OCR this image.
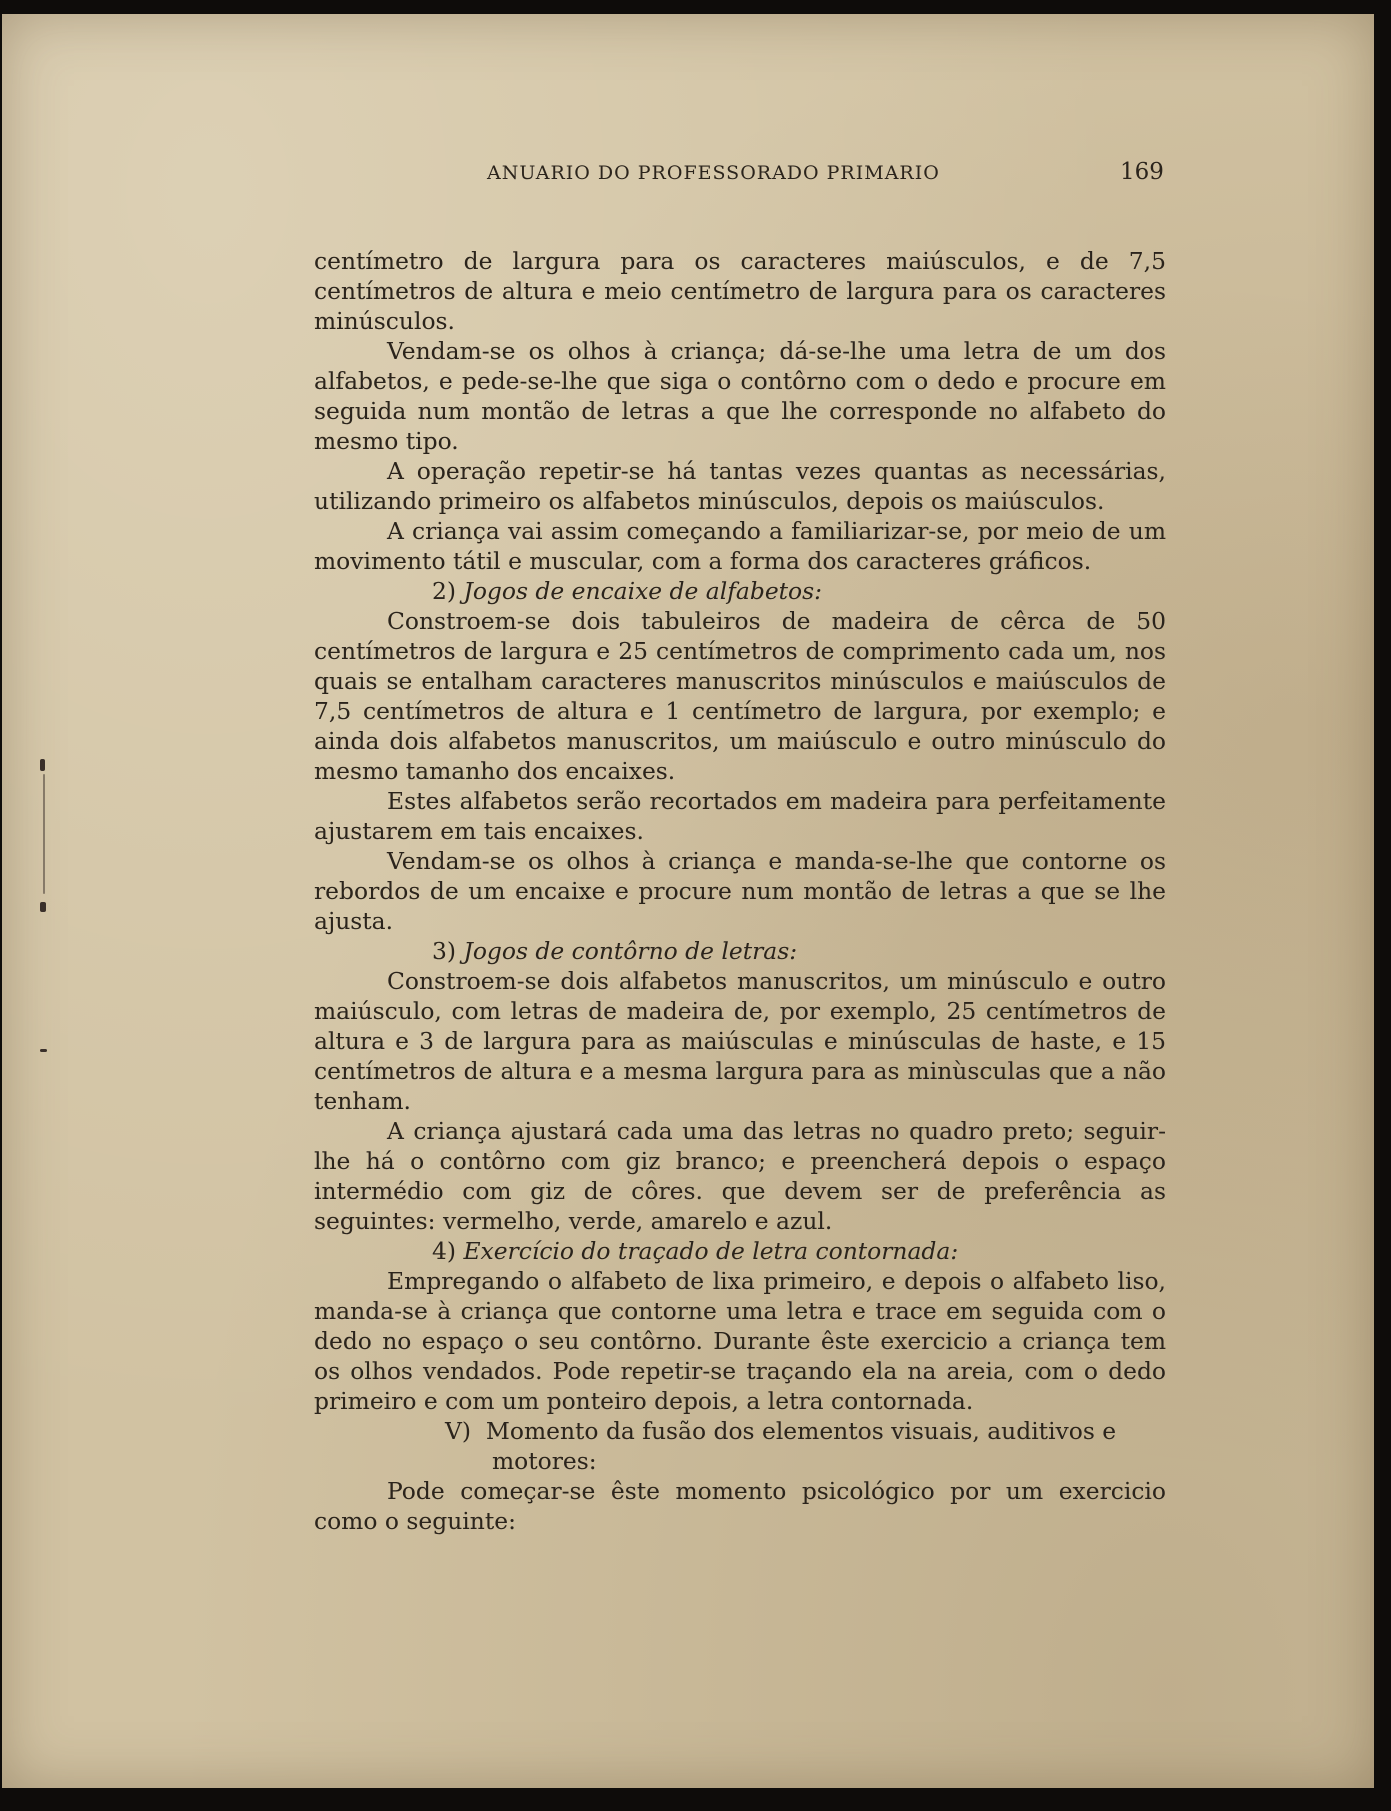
ANUARIO DO PROFESSORADO PRIMARIO	169

centímetro de largura para os caracteres maiúsculos, e de 7,5 centímetros de altura e meio centímetro de largura para os caracteres minúsculos.

Vendam-se os olhos à criança; dá-se-lhe uma letra de um dos alfabetos, e pede-se-lhe que siga o contôrno com o dedo e procure em seguida num montão de letras a que lhe corresponde no alfabeto do mesmo tipo.

A operação repetir-se há tantas vezes quantas as necessárias, utilizando primeiro os alfabetos minúsculos, depois os maiúsculos.

A criança vai assim começando a familiarizar-se, por meio de um movimento tátil e muscular, com a forma dos caracteres gráficos.

2) Jogos de encaixe de alfabetos:

Constroem-se dois tabuleiros de madeira de cêrca de 50 centímetros de largura e 25 centímetros de comprimento cada um, nos quais se entalham caracteres manuscritos minúsculos e maiúsculos de 7,5 centímetros de altura e 1 centímetro de largura, por exemplo; e ainda dois alfabetos manuscritos, um maiúsculo e outro minúsculo do mesmo tamanho dos encaixes.

Estes alfabetos serão recortados em madeira para perfeitamente ajustarem em tais encaixes.

Vendam-se os olhos à criança e manda-se-lhe que contorne os rebordos de um encaixe e procure num montão de letras a que se lhe ajusta.

3) Jogos de contôrno de letras:

Constroem-se dois alfabetos manuscritos, um minúsculo e outro maiúsculo, com letras de madeira de, por exemplo, 25 centímetros de altura e 3 de largura para as maiúsculas e minúsculas de haste, e 15 centímetros de altura e a mesma largura para as minùsculas que a não tenham.

A criança ajustará cada uma das letras no quadro preto; seguir-lhe há o contôrno com giz branco; e preencherá depois o espaço intermédio com giz de côres. que devem ser de preferência as seguintes: vermelho, verde, amarelo e azul.

4) Exercício do traçado de letra contornada:

Empregando o alfabeto de lixa primeiro, e depois o alfabeto liso, manda-se à criança que contorne uma letra e trace em seguida com o dedo no espaço o seu contôrno. Durante êste exercicio a criança tem os olhos vendados. Pode repetir-se traçando ela na areia, com o dedo primeiro e com um ponteiro depois, a letra contornada.

V) Momento da fusão dos elementos visuais, auditivos e motores:

Pode começar-se êste momento psicológico por um exercicio como o seguinte:
